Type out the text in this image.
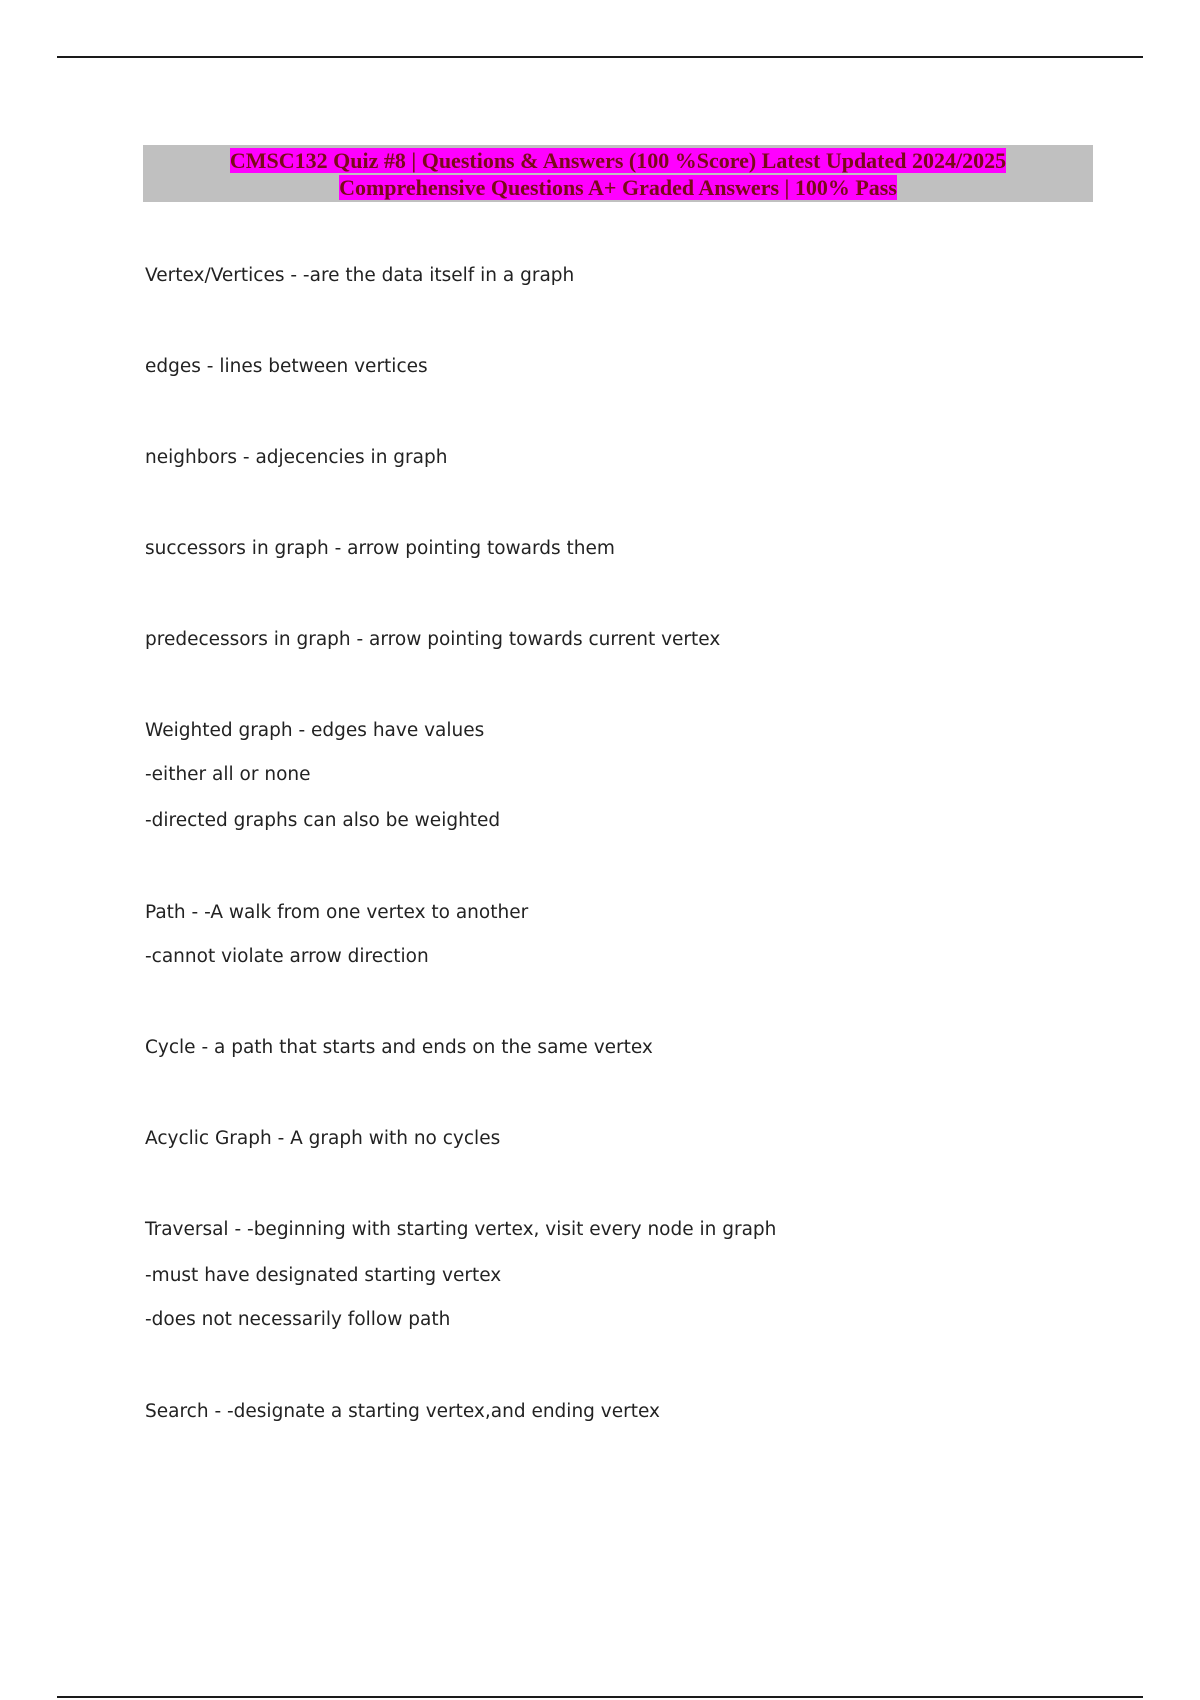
CMSC132 Quiz #8 | Questions & Answers (100 %Score) Latest Updated 2024/2025
Comprehensive Questions A+ Graded Answers | 100% Pass
Vertex/Vertices - -are the data itself in a graph
edges - lines between vertices
neighbors - adjecencies in graph
successors in graph - arrow pointing towards them
predecessors in graph - arrow pointing towards current vertex
Weighted graph - edges have values
-either all or none
-directed graphs can also be weighted
Path - -A walk from one vertex to another
-cannot violate arrow direction
Cycle - a path that starts and ends on the same vertex
Acyclic Graph - A graph with no cycles
Traversal - -beginning with starting vertex, visit every node in graph
-must have designated starting vertex
-does not necessarily follow path
Search - -designate a starting vertex,and ending vertex
